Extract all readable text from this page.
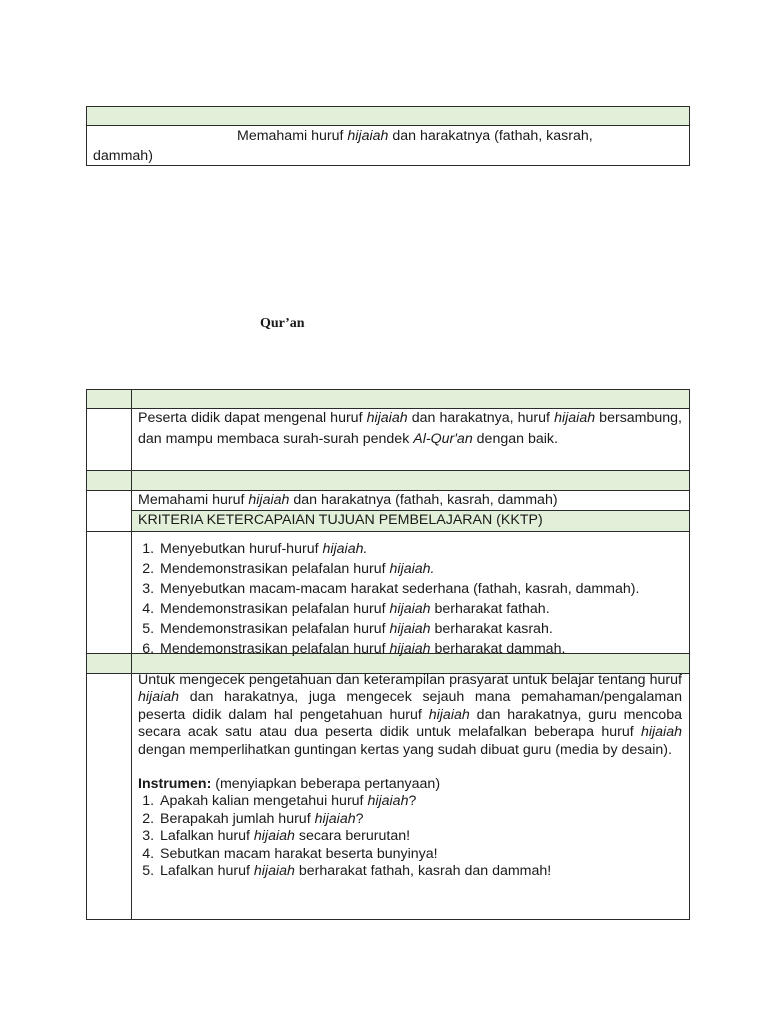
Memahami huruf hijaiah dan harakatnya (fathah, kasrah,
dammah)
Qur’an
Peserta didik dapat mengenal huruf hijaiah dan harakatnya, huruf hijaiah bersambung, dan mampu membaca surah-surah pendek Al-Qur'an dengan baik.
Memahami huruf hijaiah dan harakatnya (fathah, kasrah, dammah)
KRITERIA KETERCAPAIAN TUJUAN PEMBELAJARAN (KKTP)
1. Menyebutkan huruf-huruf hijaiah.
2. Mendemonstrasikan pelafalan huruf hijaiah.
3. Menyebutkan macam-macam harakat sederhana (fathah, kasrah, dammah).
4. Mendemonstrasikan pelafalan huruf hijaiah berharakat fathah.
5. Mendemonstrasikan pelafalan huruf hijaiah berharakat kasrah.
6. Mendemonstrasikan pelafalan huruf hijaiah berharakat dammah.
Untuk mengecek pengetahuan dan keterampilan prasyarat untuk belajar tentang huruf hijaiah dan harakatnya, juga mengecek sejauh mana pemahaman/pengalaman peserta didik dalam hal pengetahuan huruf hijaiah dan harakatnya, guru mencoba secara acak satu atau dua peserta didik untuk melafalkan beberapa huruf hijaiah dengan memperlihatkan guntingan kertas yang sudah dibuat guru (media by desain).
Instrumen: (menyiapkan beberapa pertanyaan)
1. Apakah kalian mengetahui huruf hijaiah?
2. Berapakah jumlah huruf hijaiah?
3. Lafalkan huruf hijaiah secara berurutan!
4. Sebutkan macam harakat beserta bunyinya!
5. Lafalkan huruf hijaiah berharakat fathah, kasrah dan dammah!
